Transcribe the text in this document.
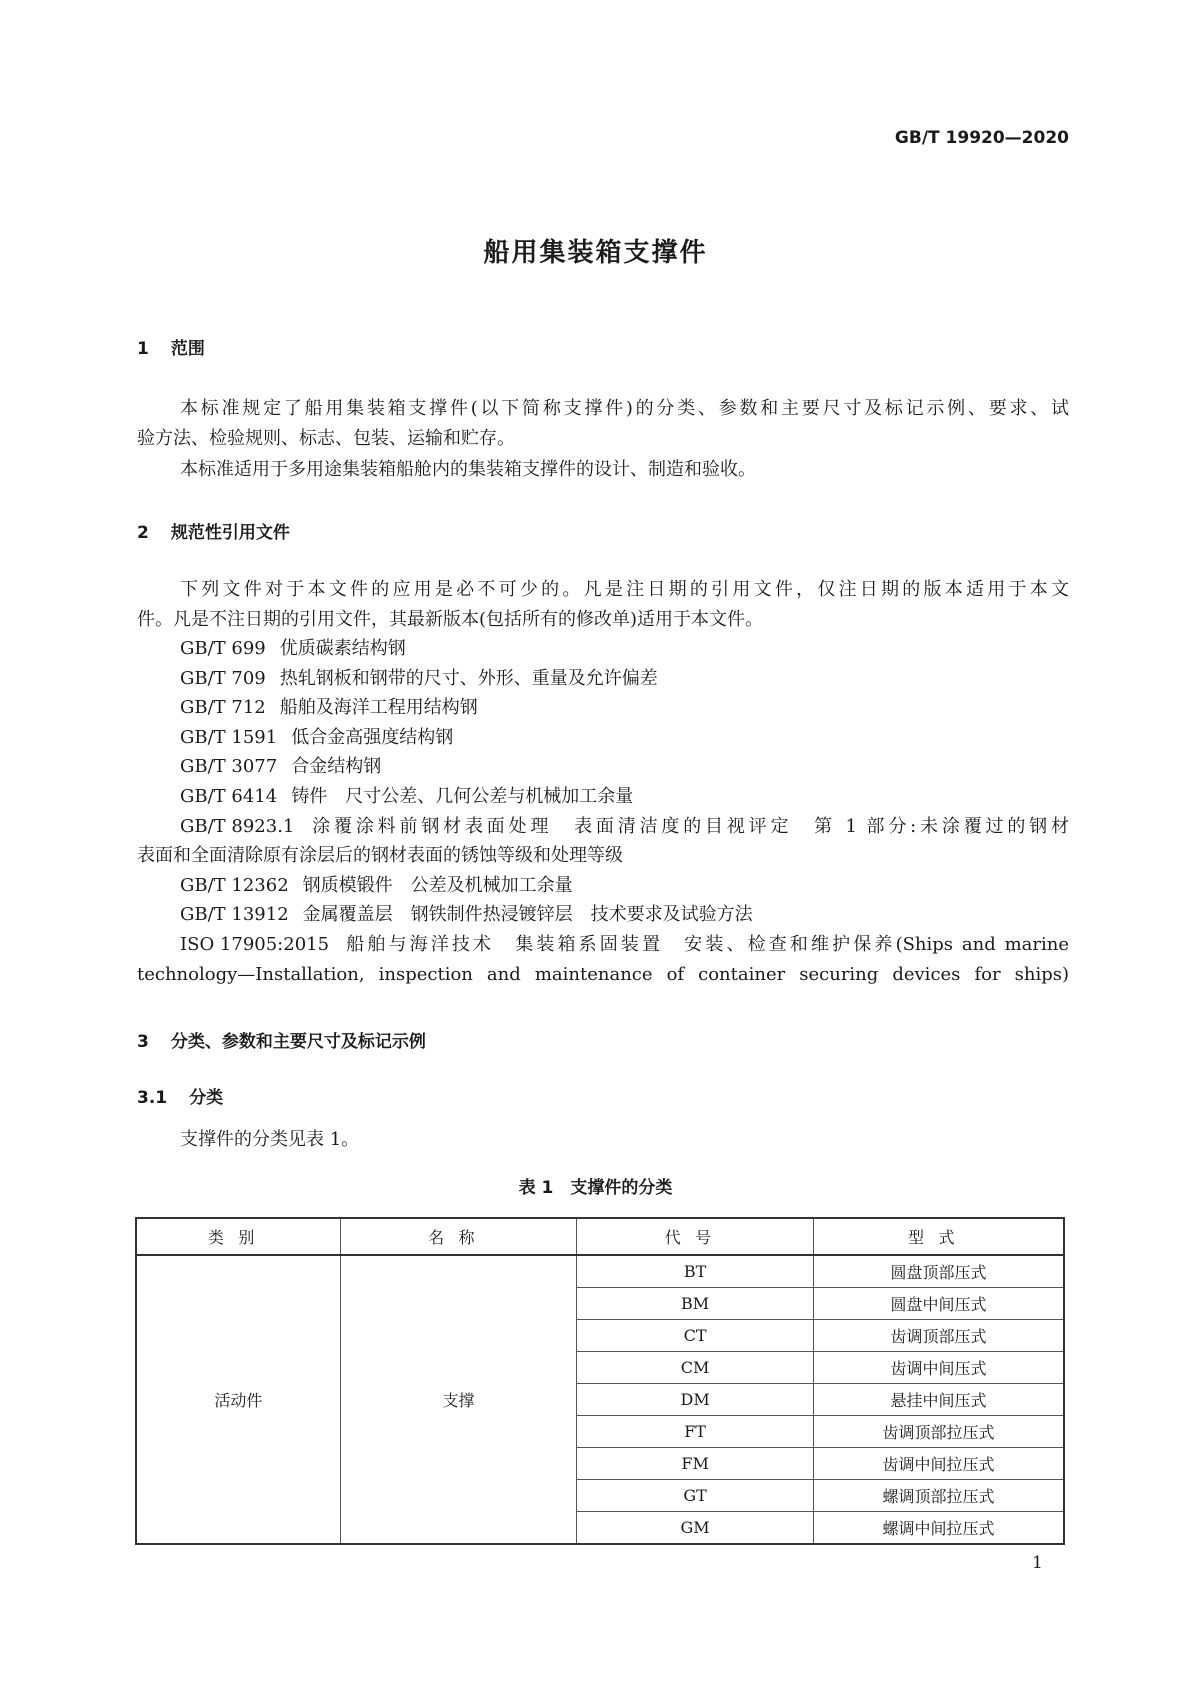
GB/T 19920—2020
船用集装箱支撑件
1 范围
本标准规定了船用集装箱支撑件(以下简称支撑件)的分类、参数和主要尺寸及标记示例、要求、试
验方法、检验规则、标志、包装、运输和贮存。
本标准适用于多用途集装箱船舱内的集装箱支撑件的设计、制造和验收。
2 规范性引用文件
下列文件对于本文件的应用是必不可少的。凡是注日期的引用文件，仅注日期的版本适用于本文
件。凡是不注日期的引用文件，其最新版本(包括所有的修改单)适用于本文件。
GB/T 699 优质碳素结构钢
GB/T 709 热轧钢板和钢带的尺寸、外形、重量及允许偏差
GB/T 712 船舶及海洋工程用结构钢
GB/T 1591 低合金高强度结构钢
GB/T 3077 合金结构钢
GB/T 6414 铸件　尺寸公差、几何公差与机械加工余量
GB/T 8923.1 涂覆涂料前钢材表面处理　表面清洁度的目视评定　第 1 部分:未涂覆过的钢材
表面和全面清除原有涂层后的钢材表面的锈蚀等级和处理等级
GB/T 12362 钢质模锻件　公差及机械加工余量
GB/T 13912 金属覆盖层　钢铁制件热浸镀锌层　技术要求及试验方法
ISO 17905:2015 船舶与海洋技术　集装箱系固装置　安装、检查和维护保养(Ships and marine
technology—Installation, inspection and maintenance of container securing devices for ships)
3 分类、参数和主要尺寸及标记示例
3.1 分类
支撑件的分类见表 1。
表 1　支撑件的分类
类别	名称	代号	型式
活动件	支撑	BT	圆盘顶部压式
		BM	圆盘中间压式
		CT	齿调顶部压式
		CM	齿调中间压式
		DM	悬挂中间压式
		FT	齿调顶部拉压式
		FM	齿调中间拉压式
		GT	螺调顶部拉压式
		GM	螺调中间拉压式
1
